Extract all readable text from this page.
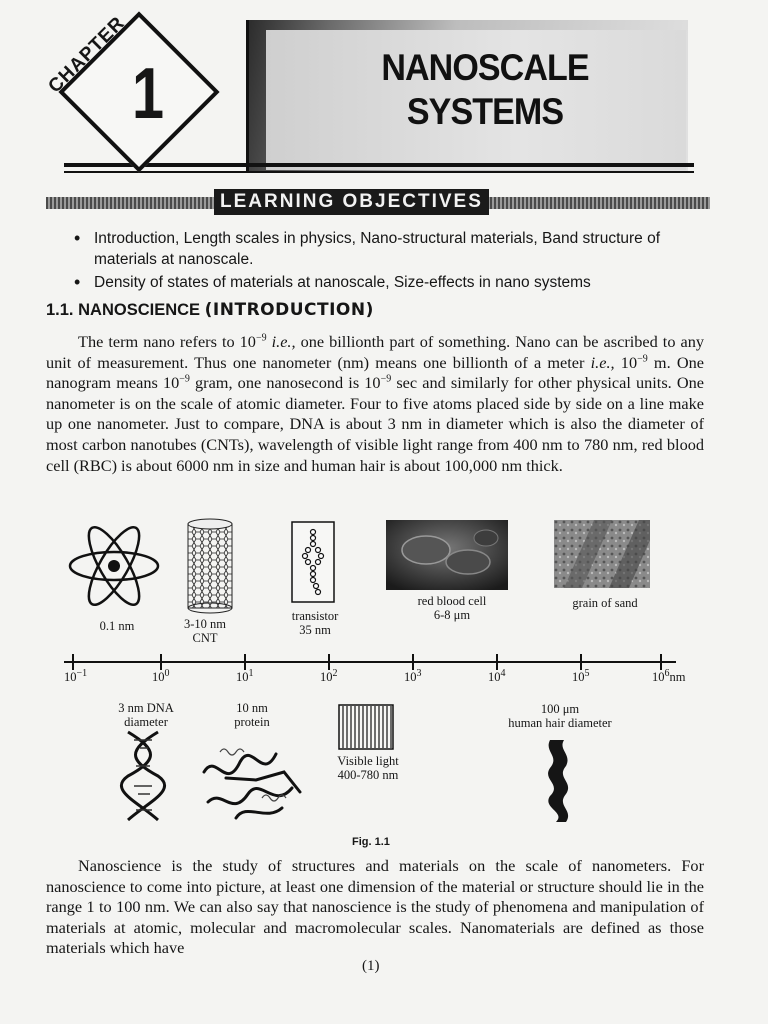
NANOSCALE
SYSTEMS
1
CHAPTER
LEARNING OBJECTIVES
• Introduction, Length scales in physics, Nano-structural materials, Band structure of materials at nanoscale.
• Density of states of materials at nanoscale, Size-effects in nano systems
1.1. NANOSCIENCE (INTRODUCTION)
The term nano refers to $10^{-9}$ i.e., one billionth part of something. Nano can be ascribed to any unit of measurement. Thus one nanometer (nm) means one billionth of a meter i.e., $10^{-9}$ m. One nanogram means $10^{-9}$ gram, one nanosecond is $10^{-9}$ sec and similarly for other physical units. One nanometer is on the scale of atomic diameter. Four to five atoms placed side by side on a line make up one nanometer. Just to compare, DNA is about 3 nm in diameter which is also the diameter of most carbon nanotubes (CNTs), wavelength of visible light range from 400 nm to 780 nm, red blood cell (RBC) is about 6000 nm in size and human hair is about 100,000 nm thick.
0.1 nm	3-10 nm
CNT
transistor
35 nm
red blood cell
6-8 μm
grain of sand
$10^{-1}$	$10^0$	$10^1$	$10^2$	$10^3$	$10^4$	$10^5$	$10^6nm$
3 nm DNA
diameter
10 nm
protein
Visible light
400-780 nm
100 μm
human hair diameter
Fig. 1.1
Nanoscience is the study of structures and materials on the scale of nanometers. For nanoscience to come into picture, at least one dimension of the material or structure should lie in the range 1 to 100 nm. We can also say that nanoscience is the study of phenomena and manipulation of materials at atomic, molecular and macromolecular scales. Nanomaterials are defined as those materials which have
(1)
